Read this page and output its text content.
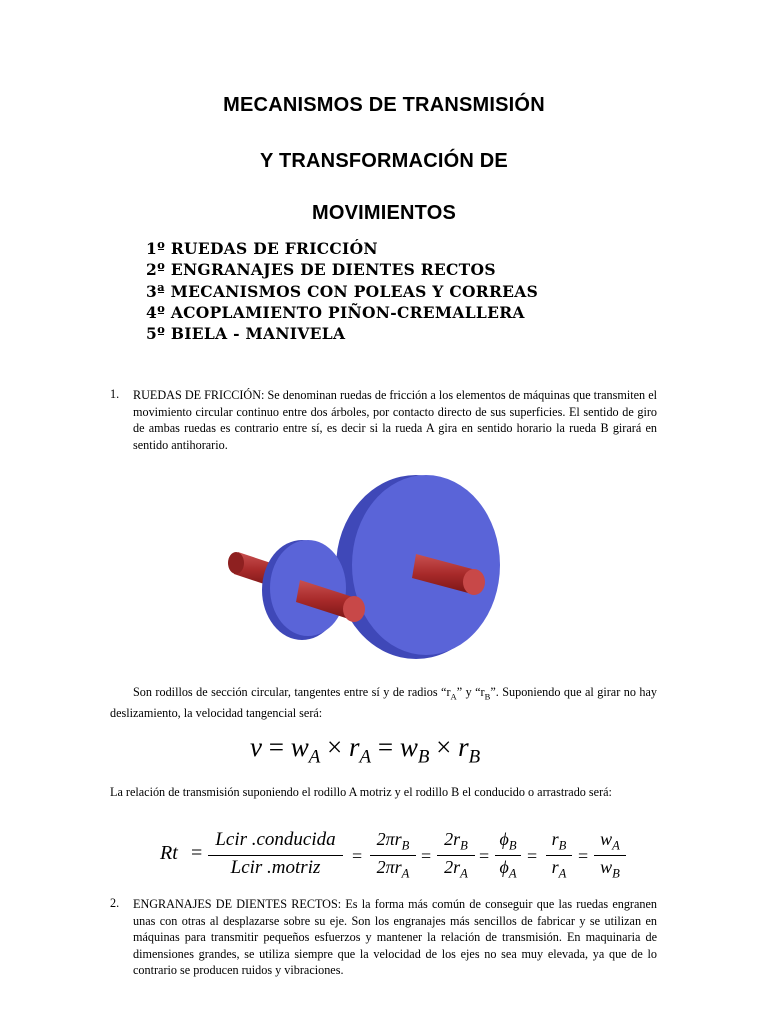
MECANISMOS DE TRANSMISIÓN
Y TRANSFORMACIÓN DE
MOVIMIENTOS
1º RUEDAS DE FRICCIÓN
2º ENGRANAJES DE DIENTES RECTOS
3ª MECANISMOS CON POLEAS Y CORREAS
4º ACOPLAMIENTO PIÑON-CREMALLERA
5º BIELA - MANIVELA
1. RUEDAS DE FRICCIÓN: Se denominan ruedas de fricción a los elementos de máquinas que transmiten el movimiento circular continuo entre dos árboles, por contacto directo de sus superficies. El sentido de giro de ambas ruedas es contrario entre sí, es decir si la rueda A gira en sentido horario la rueda B girará en sentido antihorario.
Son rodillos de sección circular, tangentes entre sí y de radios “$r_A$” y “$r_B$”. Suponiendo que al girar no hay deslizamiento, la velocidad tangencial será:
$v = w_A \times r_A = w_B \times r_B$
La relación de transmisión suponiendo el rodillo A motriz y el rodillo B el conducido o arrastrado será:
Rt =
Lcir .conducida
Lcir .motriz
=
$2\pi r_B$
$2\pi r_A$
=
$2r_B$
$2r_A$
=
$\phi_B$
$\phi_A$
=
$r_B$
$r_A$
=
$w_A$
$w_B$
2. ENGRANAJES DE DIENTES RECTOS: Es la forma más común de conseguir que las ruedas engranen unas con otras al desplazarse sobre su eje. Son los engranajes más sencillos de fabricar y se utilizan en máquinas para transmitir pequeños esfuerzos y mantener la relación de transmisión. En maquinaria de dimensiones grandes, se utiliza siempre que la velocidad de los ejes no sea muy elevada, ya que de lo contrario se producen ruidos y vibraciones.
